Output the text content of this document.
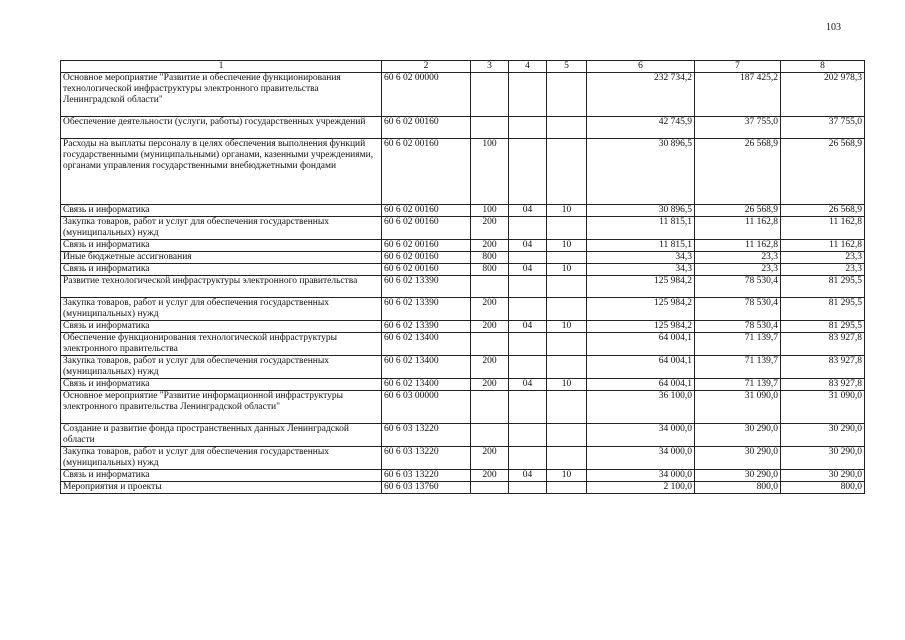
103
1	2	3	4	5	6	7	8
Основное мероприятие "Развитие и обеспечение функционирования технологической инфраструктуры электронного правительства Ленинградской области"	60 6 02 00000				232 734,2	187 425,2	202 978,3
Обеспечение деятельности (услуги, работы) государственных учреждений	60 6 02 00160				42 745,9	37 755,0	37 755,0
Расходы на выплаты персоналу в целях обеспечения выполнения функций государственными (муниципальными) органами, казенными учреждениями, органами управления государственными внебюджетными фондами	60 6 02 00160	100			30 896,5	26 568,9	26 568,9
Связь и информатика	60 6 02 00160	100	04	10	30 896,5	26 568,9	26 568,9
Закупка товаров, работ и услуг для обеспечения государственных (муниципальных) нужд	60 6 02 00160	200			11 815,1	11 162,8	11 162,8
Связь и информатика	60 6 02 00160	200	04	10	11 815,1	11 162,8	11 162,8
Иные бюджетные ассигнования	60 6 02 00160	800			34,3	23,3	23,3
Связь и информатика	60 6 02 00160	800	04	10	34,3	23,3	23,3
Развитие технологической инфраструктуры электронного правительства	60 6 02 13390				125 984,2	78 530,4	81 295,5
Закупка товаров, работ и услуг для обеспечения государственных (муниципальных) нужд	60 6 02 13390	200			125 984,2	78 530,4	81 295,5
Связь и информатика	60 6 02 13390	200	04	10	125 984,2	78 530,4	81 295,5
Обеспечение функционирования технологической инфраструктуры электронного правительства	60 6 02 13400				64 004,1	71 139,7	83 927,8
Закупка товаров, работ и услуг для обеспечения государственных (муниципальных) нужд	60 6 02 13400	200			64 004,1	71 139,7	83 927,8
Связь и информатика	60 6 02 13400	200	04	10	64 004,1	71 139,7	83 927,8
Основное мероприятие "Развитие информационной инфраструктуры электронного правительства Ленинградской области"	60 6 03 00000				36 100,0	31 090,0	31 090,0
Создание и развитие фонда пространственных данных Ленинградской области	60 6 03 13220				34 000,0	30 290,0	30 290,0
Закупка товаров, работ и услуг для обеспечения государственных (муниципальных) нужд	60 6 03 13220	200			34 000,0	30 290,0	30 290,0
Связь и информатика	60 6 03 13220	200	04	10	34 000,0	30 290,0	30 290,0
Мероприятия и проекты	60 6 03 13760				2 100,0	800,0	800,0
